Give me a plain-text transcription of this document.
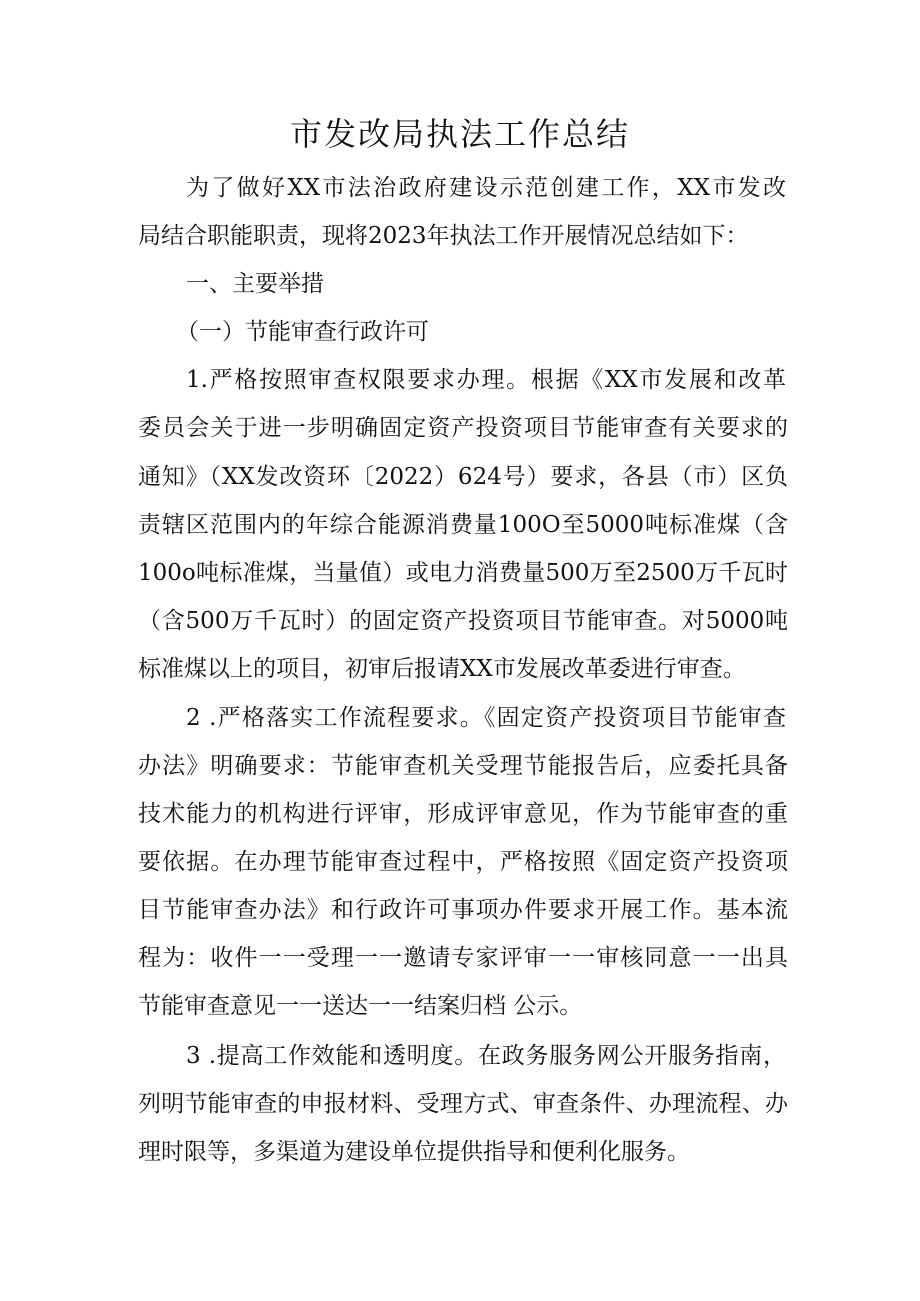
市发改局执法工作总结
为了做好XX市法治政府建设示范创建工作，XX市发改
局结合职能职责，现将2023年执法工作开展情况总结如下：
一、主要举措
（一）节能审查行政许可
1.严格按照审查权限要求办理。根据《XX市发展和改革
委员会关于进一步明确固定资产投资项目节能审查有关要求的
通知》（XX发改资环〔2022）624号）要求，各县（市）区负
责辖区范围内的年综合能源消费量100O至5000吨标准煤（含
100o吨标准煤，当量值）或电力消费量500万至2500万千瓦时
（含500万千瓦时）的固定资产投资项目节能审查。对5000吨
标准煤以上的项目，初审后报请XX市发展改革委进行审查。
2 .严格落实工作流程要求。《固定资产投资项目节能审查
办法》明确要求：节能审查机关受理节能报告后，应委托具备
技术能力的机构进行评审，形成评审意见，作为节能审查的重
要依据。在办理节能审查过程中，严格按照《固定资产投资项
目节能审查办法》和行政许可事项办件要求开展工作。基本流
程为：收件一一受理一一邀请专家评审一一审核同意一一出具
节能审查意见一一送达一一结案归档 公示。
3 .提高工作效能和透明度。在政务服务网公开服务指南，
列明节能审查的申报材料、受理方式、审查条件、办理流程、办
理时限等，多渠道为建设单位提供指导和便利化服务。
